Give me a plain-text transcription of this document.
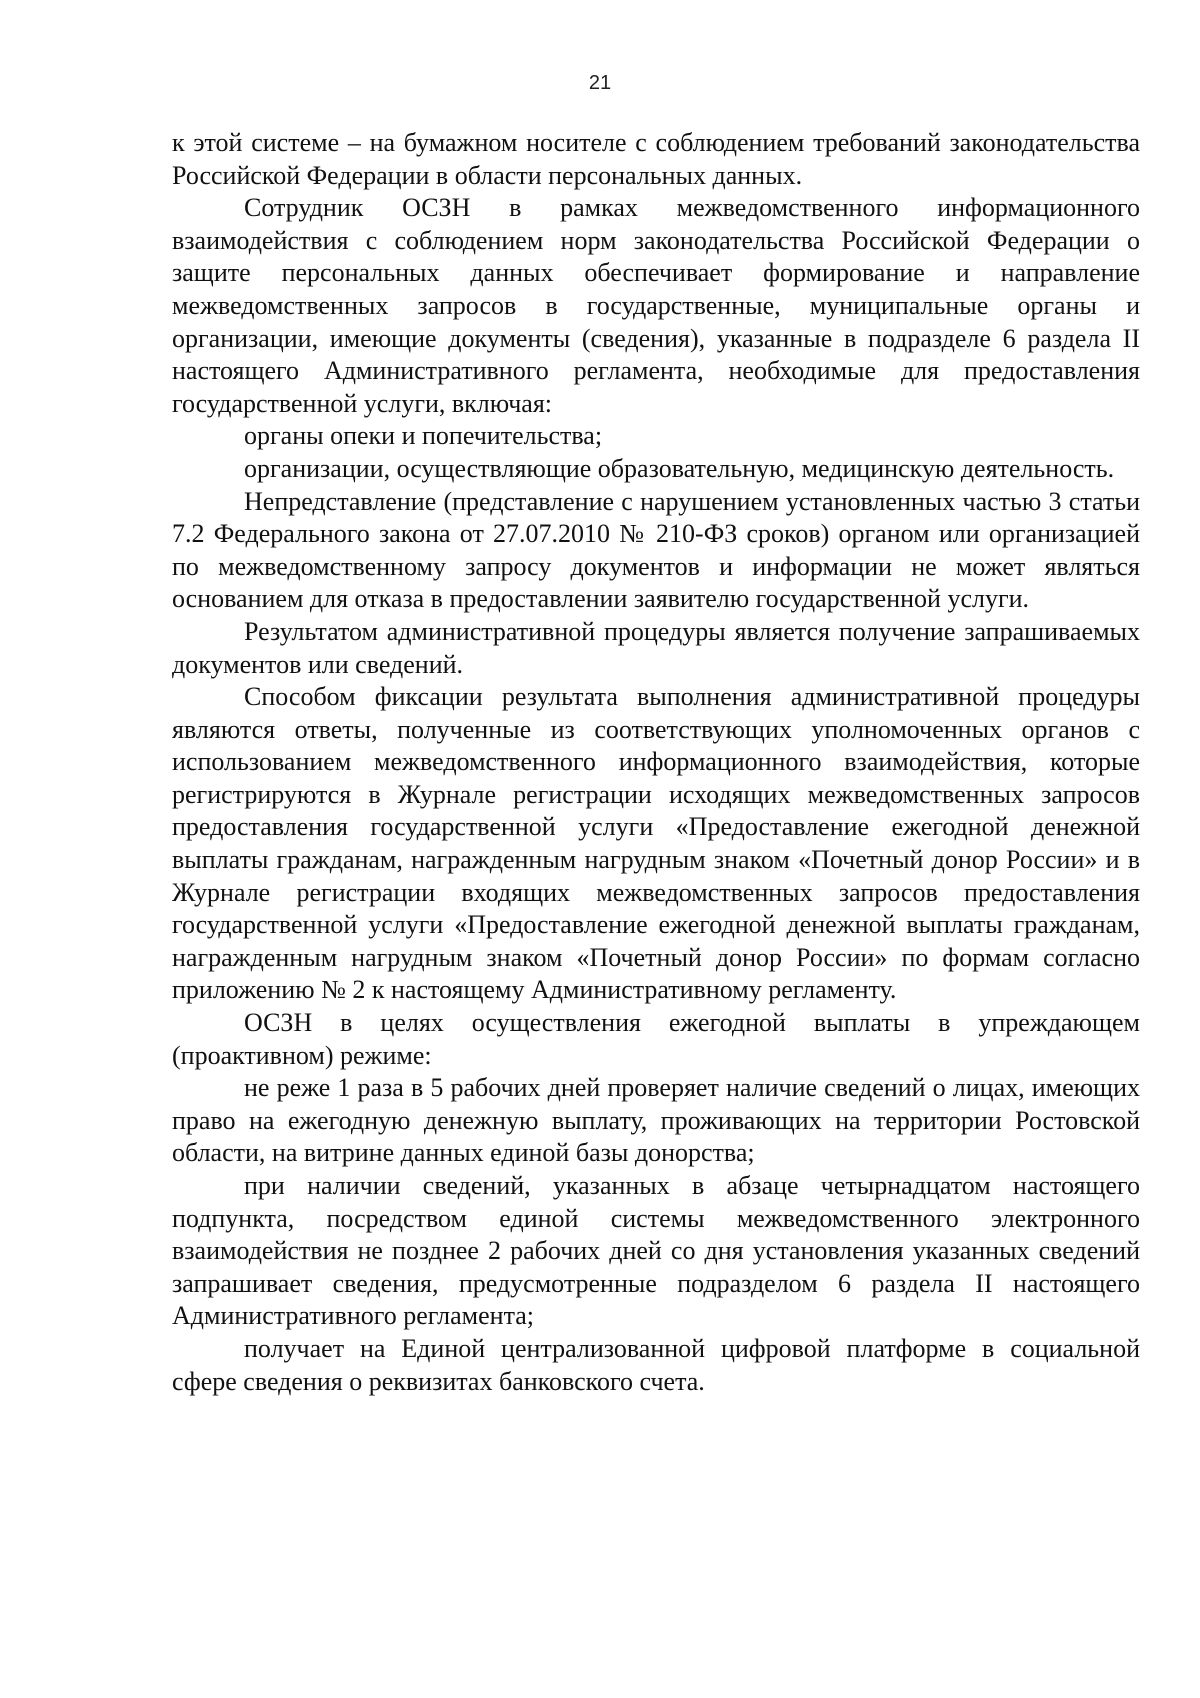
21

к этой системе – на бумажном носителе с соблюдением требований законодательства Российской Федерации в области персональных данных.

Сотрудник ОСЗН в рамках межведомственного информационного взаимодействия с соблюдением норм законодательства Российской Федерации о защите персональных данных обеспечивает формирование и направление межведомственных запросов в государственные, муниципальные органы и организации, имеющие документы (сведения), указанные в подразделе 6 раздела II настоящего Административного регламента, необходимые для предоставления государственной услуги, включая:

органы опеки и попечительства;

организации, осуществляющие образовательную, медицинскую деятельность.

Непредставление (представление с нарушением установленных частью 3 статьи 7.2 Федерального закона от 27.07.2010 № 210-ФЗ сроков) органом или организацией по межведомственному запросу документов и информации не может являться основанием для отказа в предоставлении заявителю государственной услуги.

Результатом административной процедуры является получение запрашиваемых документов или сведений.

Способом фиксации результата выполнения административной процедуры являются ответы, полученные из соответствующих уполномоченных органов с использованием межведомственного информационного взаимодействия, которые регистрируются в Журнале регистрации исходящих межведомственных запросов предоставления государственной услуги «Предоставление ежегодной денежной выплаты гражданам, награжденным нагрудным знаком «Почетный донор России» и в Журнале регистрации входящих межведомственных запросов предоставления государственной услуги «Предоставление ежегодной денежной выплаты гражданам, награжденным нагрудным знаком «Почетный донор России» по формам согласно приложению № 2 к настоящему Административному регламенту.

ОСЗН в целях осуществления ежегодной выплаты в упреждающем (проактивном) режиме:

не реже 1 раза в 5 рабочих дней проверяет наличие сведений о лицах, имеющих право на ежегодную денежную выплату, проживающих на территории Ростовской области, на витрине данных единой базы донорства;

при наличии сведений, указанных в абзаце четырнадцатом настоящего подпункта, посредством единой системы межведомственного электронного взаимодействия не позднее 2 рабочих дней со дня установления указанных сведений запрашивает сведения, предусмотренные подразделом 6 раздела II настоящего Административного регламента;

получает на Единой централизованной цифровой платформе в социальной сфере сведения о реквизитах банковского счета.
